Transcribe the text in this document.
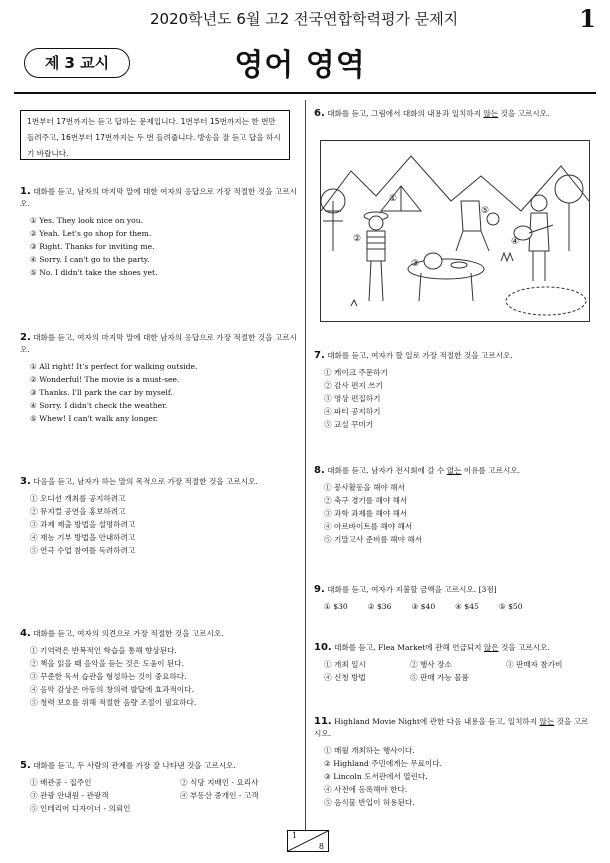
2020학년도 6월 고2 전국연합학력평가 문제지	1
제 3 교시	영어 영역
1번부터 17번까지는 듣고 답하는 문제입니다. 1번부터 15번까지는 한 번만 들려주고, 16번부터 17번까지는 두 번 들려줍니다. 방송을 잘 듣고 답을 하시기 바랍니다.
1. 대화를 듣고, 남자의 마지막 말에 대한 여자의 응답으로 가장 적절한 것을 고르시오.
① Yes. They look nice on you.
② Yeah. Let's go shop for them.
③ Right. Thanks for inviting me.
④ Sorry. I can't go to the party.
⑤ No. I didn't take the shoes yet.
2. 대화를 듣고, 여자의 마지막 말에 대한 남자의 응답으로 가장 적절한 것을 고르시오.
① All right! It's perfect for walking outside.
② Wonderful! The movie is a must-see.
③ Thanks. I'll park the car by myself.
④ Sorry. I didn't check the weather.
⑤ Whew! I can't walk any longer.
3. 다음을 듣고, 남자가 하는 말의 목적으로 가장 적절한 것을 고르시오.
① 오디션 개최를 공지하려고
② 뮤지컬 공연을 홍보하려고
③ 과제 제출 방법을 설명하려고
④ 재능 기부 방법을 안내하려고
⑤ 연극 수업 참여를 독려하려고
4. 대화를 듣고, 여자의 의견으로 가장 적절한 것을 고르시오.
① 기억력은 반복적인 학습을 통해 향상된다.
② 책을 읽을 때 음악을 듣는 것은 도움이 된다.
③ 꾸준한 독서 습관을 형성하는 것이 중요하다.
④ 음악 감상은 아동의 창의력 발달에 효과적이다.
⑤ 청력 보호를 위해 적절한 음량 조절이 필요하다.
5. 대화를 듣고, 두 사람의 관계를 가장 잘 나타낸 것을 고르시오.
① 배관공 - 집주인	② 식당 지배인 - 요리사
③ 관광 안내원 - 관광객	④ 부동산 중개인 - 고객
⑤ 인테리어 디자이너 - 의뢰인
6. 대화를 듣고, 그림에서 대화의 내용과 일치하지 않는 것을 고르시오.
①
②
③
④
⑤
7. 대화를 듣고, 여자가 할 일로 가장 적절한 것을 고르시오.
① 케이크 주문하기
② 감사 편지 쓰기
③ 영상 편집하기
④ 파티 공지하기
⑤ 교실 꾸미기
8. 대화를 듣고, 남자가 전시회에 갈 수 없는 이유를 고르시오.
① 봉사활동을 해야 해서
② 축구 경기를 해야 해서
③ 과학 과제를 해야 해서
④ 아르바이트를 해야 해서
⑤ 기말고사 준비를 해야 해서
9. 대화를 듣고, 여자가 지불할 금액을 고르시오. [3점]
① $30	② $36	③ $40	④ $45	⑤ $50
10. 대화를 듣고, Flea Market에 관해 언급되지 않은 것을 고르시오.
① 개최 일시	② 행사 장소	③ 판매자 참가비
④ 신청 방법	⑤ 판매 가능 물품
11. Highland Movie Night에 관한 다음 내용을 듣고, 일치하지 않는 것을 고르시오.
① 매월 개최하는 행사이다.
② Highland 주민에게는 무료이다.
③ Lincoln 도서관에서 열린다.
④ 사전에 등록해야 한다.
⑤ 음식물 반입이 허용된다.
1
8
